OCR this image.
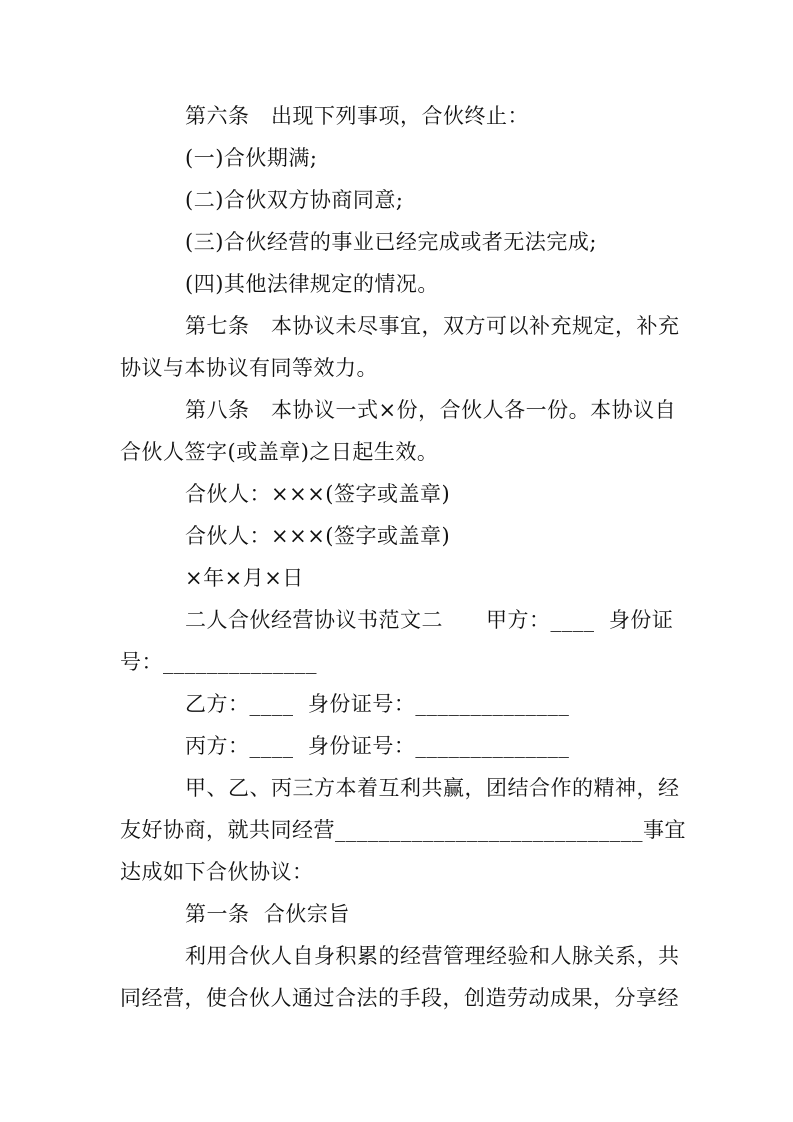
第六条　出现下列事项，合伙终止：
(一)合伙期满;
(二)合伙双方协商同意;
(三)合伙经营的事业已经完成或者无法完成;
(四)其他法律规定的情况。
第七条　本协议未尽事宜，双方可以补充规定，补充
协议与本协议有同等效力。
第八条　本协议一式×份，合伙人各一份。本协议自
合伙人签字(或盖章)之日起生效。
合伙人：×××(签字或盖章)
合伙人：×××(签字或盖章)
×年×月×日
二人合伙经营协议书范文二　　甲方：____  身份证
号：______________
乙方：____  身份证号：______________
丙方：____  身份证号：______________
甲、乙、丙三方本着互利共赢，团结合作的精神，经
友好协商，就共同经营____________________________事宜
达成如下合伙协议：
第一条  合伙宗旨
利用合伙人自身积累的经营管理经验和人脉关系，共
同经营，使合伙人通过合法的手段，创造劳动成果，分享经
